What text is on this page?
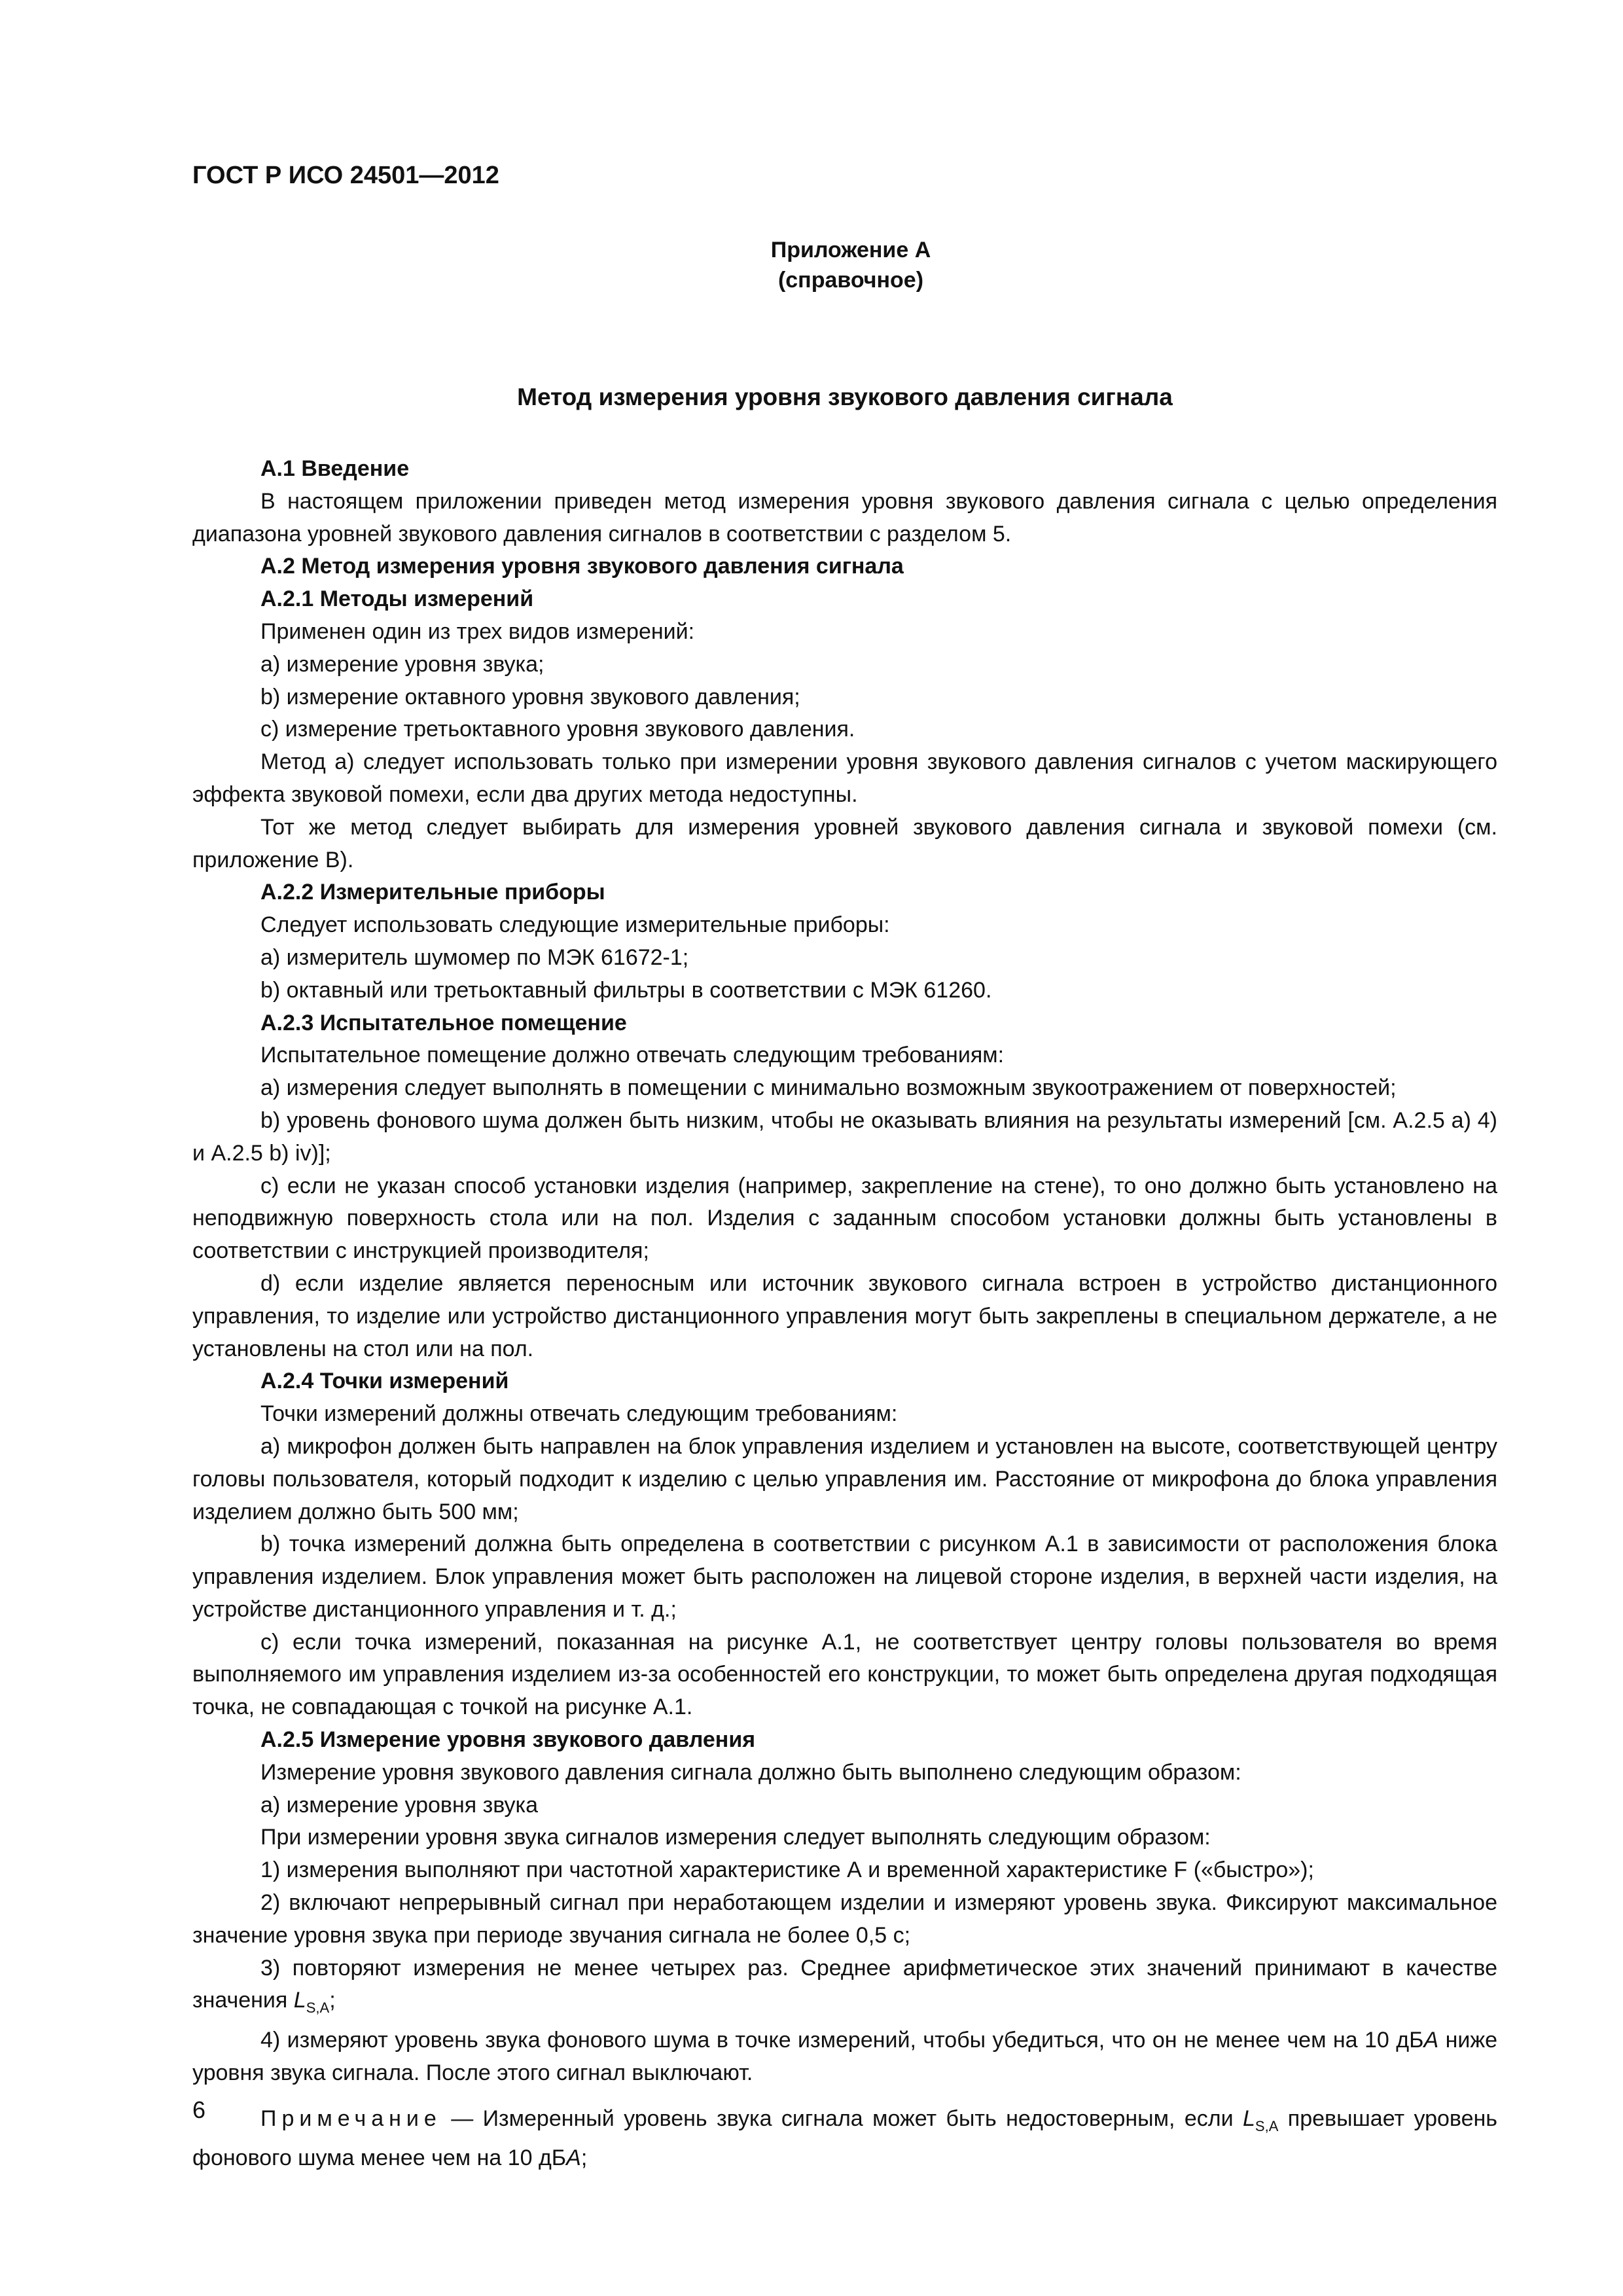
ГОСТ Р ИСО 24501—2012
Приложение А
(справочное)
Метод измерения уровня звукового давления сигнала

А.1 Введение

В настоящем приложении приведен метод измерения уровня звукового давления сигнала с целью определения диапазона уровней звукового давления сигналов в соответствии с разделом 5.

А.2 Метод измерения уровня звукового давления сигнала

А.2.1 Методы измерений

Применен один из трех видов измерений:

а) измерение уровня звука;

b) измерение октавного уровня звукового давления;

c) измерение третьоктавного уровня звукового давления.

Метод а) следует использовать только при измерении уровня звукового давления сигналов с учетом маскирующего эффекта звуковой помехи, если два других метода недоступны.

Тот же метод следует выбирать для измерения уровней звукового давления сигнала и звуковой помехи (см. приложение В).

А.2.2 Измерительные приборы

Следует использовать следующие измерительные приборы:

а) измеритель шумомер по МЭК 61672-1;

b) октавный или третьоктавный фильтры в соответствии с МЭК 61260.

А.2.3 Испытательное помещение

Испытательное помещение должно отвечать следующим требованиям:

а) измерения следует выполнять в помещении с минимально возможным звукоотражением от поверхностей;

b) уровень фонового шума должен быть низким, чтобы не оказывать влияния на результаты измерений [см. А.2.5 a) 4) и А.2.5 b) iv)];

c) если не указан способ установки изделия (например, закрепление на стене), то оно должно быть установлено на неподвижную поверхность стола или на пол. Изделия с заданным способом установки должны быть установлены в соответствии с инструкцией производителя;

d) если изделие является переносным или источник звукового сигнала встроен в устройство дистанционного управления, то изделие или устройство дистанционного управления могут быть закреплены в специальном держателе, а не установлены на стол или на пол.

А.2.4 Точки измерений

Точки измерений должны отвечать следующим требованиям:

а) микрофон должен быть направлен на блок управления изделием и установлен на высоте, соответствующей центру головы пользователя, который подходит к изделию с целью управления им. Расстояние от микрофона до блока управления изделием должно быть 500 мм;

b) точка измерений должна быть определена в соответствии с рисунком А.1 в зависимости от расположения блока управления изделием. Блок управления может быть расположен на лицевой стороне изделия, в верхней части изделия, на устройстве дистанционного управления и т. д.;

c) если точка измерений, показанная на рисунке А.1, не соответствует центру головы пользователя во время выполняемого им управления изделием из-за особенностей его конструкции, то может быть определена другая подходящая точка, не совпадающая с точкой на рисунке А.1.

А.2.5 Измерение уровня звукового давления

Измерение уровня звукового давления сигнала должно быть выполнено следующим образом:

а) измерение уровня звука

При измерении уровня звука сигналов измерения следует выполнять следующим образом:

1) измерения выполняют при частотной характеристике А и временной характеристике F («быстро»);

2) включают непрерывный сигнал при неработающем изделии и измеряют уровень звука. Фиксируют максимальное значение уровня звука при периоде звучания сигнала не более 0,5 с;

3) повторяют измерения не менее четырех раз. Среднее арифметическое этих значений принимают в качестве значения $L_{S,A}$;

4) измеряют уровень звука фонового шума в точке измерений, чтобы убедиться, что он не менее чем на 10 дБA ниже уровня звука сигнала. После этого сигнал выключают.

Примечание — Измеренный уровень звука сигнала может быть недостоверным, если $L_{S,A}$ превышает уровень фонового шума менее чем на 10 дБA;

6
